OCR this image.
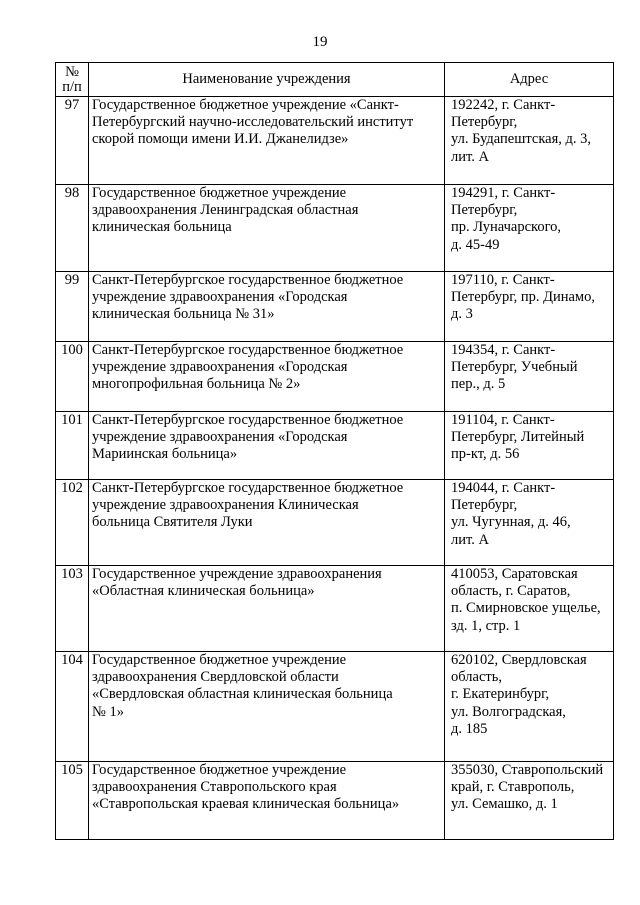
19
№
п/п	Наименование учреждения	Адрес

97	Государственное бюджетное учреждение «Санкт-
Петербургский научно-исследовательский институт
скорой помощи имени И.И. Джанелидзе»	192242, г. Санкт-
Петербург,
ул. Будапештская, д. 3,
лит. А

98	Государственное бюджетное учреждение
здравоохранения Ленинградская областная
клиническая больница	194291, г. Санкт-
Петербург,
пр. Луначарского,
д. 45-49

99	Санкт-Петербургское государственное бюджетное
учреждение здравоохранения «Городская
клиническая больница № 31»	197110, г. Санкт-
Петербург, пр. Динамо,
д. 3

100	Санкт-Петербургское государственное бюджетное
учреждение здравоохранения «Городская
многопрофильная больница № 2»	194354, г. Санкт-
Петербург, Учебный
пер., д. 5

101	Санкт-Петербургское государственное бюджетное
учреждение здравоохранения «Городская
Мариинская больница»	191104, г. Санкт-
Петербург, Литейный
пр-кт, д. 56

102	Санкт-Петербургское государственное бюджетное
учреждение здравоохранения Клиническая
больница Святителя Луки	194044, г. Санкт-
Петербург,
ул. Чугунная, д. 46,
лит. А

103	Государственное учреждение здравоохранения
«Областная клиническая больница»	410053, Саратовская
область, г. Саратов,
п. Смирновское ущелье,
зд. 1, стр. 1

104	Государственное бюджетное учреждение
здравоохранения Свердловской области
«Свердловская областная клиническая больница
№ 1»	620102, Свердловская
область,
г. Екатеринбург,
ул. Волгоградская,
д. 185

105	Государственное бюджетное учреждение
здравоохранения Ставропольского края
«Ставропольская краевая клиническая больница»	355030, Ставропольский
край, г. Ставрополь,
ул. Семашко, д. 1
